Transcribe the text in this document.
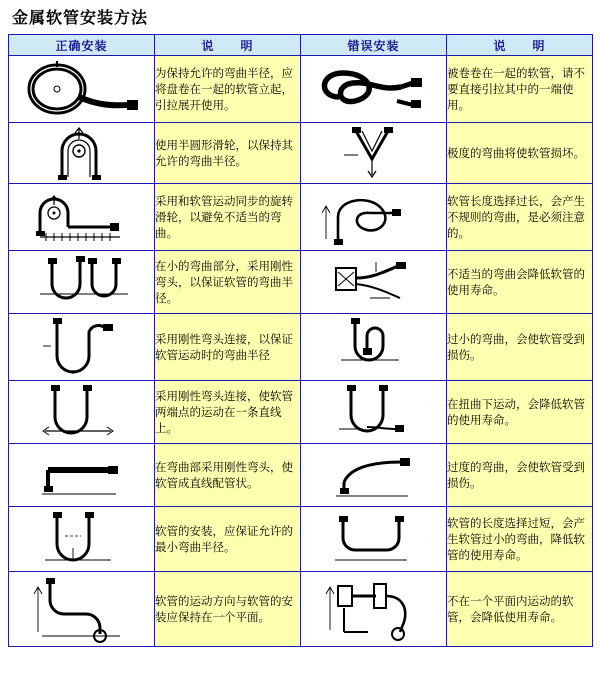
金属软管安装方法
正确安装	说　　明	错误安装	说　　明

	为保持允许的弯曲半径，应将盘卷在一起的软管立起，引拉展开使用。		被卷卷在一起的软管，请不要直接引拉其中的一端使用。

	使用半圆形滑轮，以保持其允许的弯曲半径。		极度的弯曲将使软管损坏。

	采用和软管运动同步的旋转滑轮，以避免不适当的弯曲。		软管长度选择过长，会产生不规则的弯曲，是必须注意的。

	在小的弯曲部分，采用刚性弯头，以保证软管的弯曲半径。		不适当的弯曲会降低软管的使用寿命。

	采用刚性弯头连接，以保证软管运动时的弯曲半径		过小的弯曲，会使软管受到损伤。

	采用刚性弯头连接，使软管两端点的运动在一条直线上。		在扭曲下运动，会降低软管的使用寿命。

	在弯曲部采用刚性弯头，使软管成直线配管状。		过度的弯曲，会使软管受到损伤。

	软管的安装，应保证允许的最小弯曲半径。		软管的长度选择过短，会产生软管过小的弯曲，降低软管的使用寿命。

	软管的运动方向与软管的安装应保持在一个平面。		不在一个平面内运动的软管，会降低使用寿命。
